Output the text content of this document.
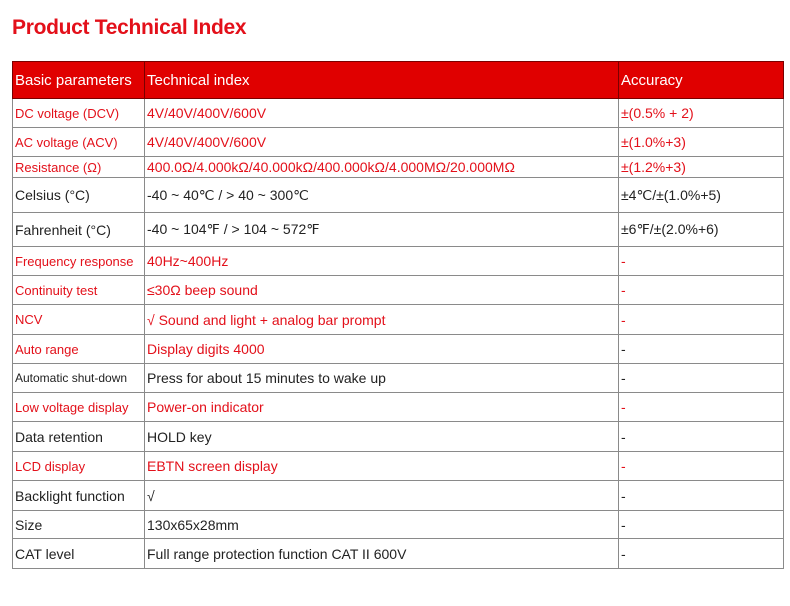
Product Technical Index
Basic parameters	Technical index	Accuracy
DC voltage (DCV)	4V/40V/400V/600V	±(0.5% + 2)
AC voltage (ACV)	4V/40V/400V/600V	±(1.0%+3)
Resistance (Ω)	400.0Ω/4.000kΩ/40.000kΩ/400.000kΩ/4.000MΩ/20.000MΩ	±(1.2%+3)
Celsius (°C)	-40 ~ 40℃ / > 40 ~ 300℃	±4℃/±(1.0%+5)
Fahrenheit (°C)	-40 ~ 104℉ / > 104 ~ 572℉	±6℉/±(2.0%+6)
Frequency response	40Hz~400Hz	-
Continuity test	≤30Ω beep sound	-
NCV	√ Sound and light + analog bar prompt	-
Auto range	Display digits 4000	-
Automatic shut-down	Press for about 15 minutes to wake up	-
Low voltage display	Power-on indicator	-
Data retention	HOLD key	-
LCD display	EBTN screen display	-
Backlight function	√	-
Size	130x65x28mm	-
CAT level	Full range protection function CAT II 600V	-
